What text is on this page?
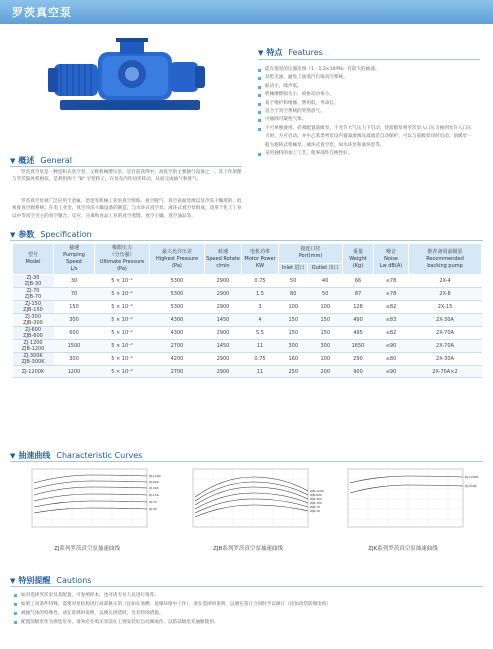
罗茨真空泵
▼ 特点 Features
能在很宽的压强范围（1 - 1.3×10⁶Pa）有较大的抽速。
泵腔无油，避免了油蒸汽污染真空系统。
振动小，噪声低。
机械摩擦损失小，故驱动功率小。
易于维护和维修，费用低，寿命长。
适合于真空系统的突然放气。
可抽除可凝性气体。
不可单独使用，必须配置前级泵，不允许大气压力下启动，待前级泵将罗茨泵入口压力抽到允许入口压力时，方可启动。并中乙苯类列泵设内置溢流阀及溢流差自动保护，可以与前级泵同时启动。前级泵一般为旋转式机械泵、液环式真空泵，如水环泵和液环泵等。
采用独特的加工工艺，使零部件互换性好。
▼ 概述 General
罗茨真空泵是一种容积式真空泵，又称机械增压泵，是目前获得中、高真空的主要抽气设备之一。其工作原理与罗茨鼓风机相似，是利用两个 "8" 字型转子，在泵壳内作同步转动，从而完成抽气和排气。
罗茨真空泵被广泛应用于金属、冶金等机械工业的真空熔炼、真空脱气、真空表面处理以及冷冻干燥用的，低密度真空阀系统；在电工业金、真空冷冻干燥设备的制造，与水环式真空泵、液环式真空泵组成，适用于化工工业以中等真空为主的真空聚合、反应、分离和食品工业的真空蒸馏、真空干燥、真空油品等。
▼ 参数 Specification
型号
Model	抽速
Pumping Speed
L/s	极限压力
（分压强）
Ultimate Pressure
(Pa)	最大允许压差
Highest Pressure
(Pa)	转速
Speed Rotate
r/min	电机功率
Motor Power
KW	接连口径
Port(mm)		重量
Weight
(Kg)	噪音
Noise
Lw dB(A)	推荐备用前级泵
Recommended
backing pump
						Inlet 进口	Outlet 出口			
ZJ-30
ZJB-30	30	5 × 10⁻²	5300	2900	0.75	50	40	66	≤78	2X-4
ZJ-70
ZJB-70	70	5 × 10⁻²	5300	2900	1.5	80	50	87	≤78	2X-8
ZJ-150
ZJB-150	150	5 × 10⁻²	5300	2900	3	100	100	128	≤82	2X-15
ZJ-300
ZJB-300	300	5 × 10⁻²	4300	1450	4	150	150	490	≤83	2X-30A
ZJ-600
ZJB-600	600	5 × 10⁻²	4300	2900	5.5	150	150	495	≤82	2X-70A
ZJ-1200
ZJB-1200	1500	5 × 10⁻²	2700	1450	11	300	300	1650	≤90	2X-70A
ZJ-300K
ZJB-300K	300	5 × 10⁻²	4200	2900	0.75	160	100	290	≤80	2X-30A
ZJ-1200K	1200	5 × 10⁻²	2700	2900	11	250	200	900	≤90	2X-70A×2
▼ 抽速曲线 Characteristic Curves
ZJ-1200
ZJ-600
ZJ-300
ZJ-150
ZJ-70
ZJ-30
ZJ系列罗茨真空泵抽速曲线
ZJB-1200
ZJB-600
ZJB-300
ZJB-150
ZJB-70
ZJB-30
ZJB系列罗茨真空泵抽速曲线
ZJ-1200K
ZJ-300K
ZJK系列罗茨真空泵抽速曲线
▼ 特别提醒 Cautions
如对选择罗茨泵及其配置，可参照样本，也可请专业人员进行推荐。
如果工况条件特殊，需要对泵结构进行局部修正的（比如在易燃、易爆环境中工作），请在选择时说明，以便在签订合同时予以修订（比如改装防爆电机）
被抽气体的特殊性，请在选择时说明，以便在供货时，另有特别措施。
配置前级泵作为供选泵举，请务必在购买泵前在上现安装好自动阀或作，以防前级泵先抽断使用。
